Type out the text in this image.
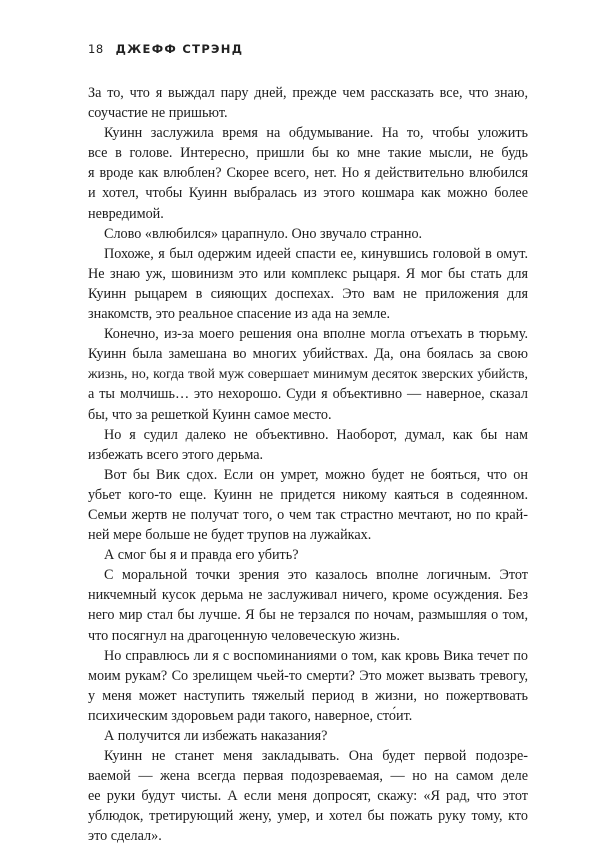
18 ДЖЕФФ СТРЭНД
За то, что я выждал пару дней, прежде чем рассказать все, что знаю,
соучастие не пришьют.
Куинн заслужила время на обдумывание. На то, чтобы уложить
все в голове. Интересно, пришли бы ко мне такие мысли, не будь
я вроде как влюблен? Скорее всего, нет. Но я действительно влюбился
и хотел, чтобы Куинн выбралась из этого кошмара как можно более
невредимой.
Слово «влюбился» царапнуло. Оно звучало странно.
Похоже, я был одержим идеей спасти ее, кинувшись головой в омут.
Не знаю уж, шовинизм это или комплекс рыцаря. Я мог бы стать для
Куинн рыцарем в сияющих доспехах. Это вам не приложения для
знакомств, это реальное спасение из ада на земле.
Конечно, из-за моего решения она вполне могла отъехать в тюрьму.
Куинн была замешана во многих убийствах. Да, она боялась за свою
жизнь, но, когда твой муж совершает минимум десяток зверских убийств,
а ты молчишь… это нехорошо. Суди я объективно — наверное, сказал
бы, что за решеткой Куинн самое место.
Но я судил далеко не объективно. Наоборот, думал, как бы нам
избежать всего этого дерьма.
Вот бы Вик сдох. Если он умрет, можно будет не бояться, что он
убьет кого-то еще. Куинн не придется никому каяться в содеянном.
Семьи жертв не получат того, о чем так страстно мечтают, но по край-
ней мере больше не будет трупов на лужайках.
А смог бы я и правда его убить?
С моральной точки зрения это казалось вполне логичным. Этот
никчемный кусок дерьма не заслуживал ничего, кроме осуждения. Без
него мир стал бы лучше. Я бы не терзался по ночам, размышляя о том,
что посягнул на драгоценную человеческую жизнь.
Но справлюсь ли я с воспоминаниями о том, как кровь Вика течет по
моим рукам? Со зрелищем чьей-то смерти? Это может вызвать тревогу,
у меня может наступить тяжелый период в жизни, но пожертвовать
психическим здоровьем ради такого, наверное, сто́ит.
А получится ли избежать наказания?
Куинн не станет меня закладывать. Она будет первой подозре-
ваемой — жена всегда первая подозреваемая, — но на самом деле
ее руки будут чисты. А если меня допросят, скажу: «Я рад, что этот
ублюдок, третирующий жену, умер, и хотел бы пожать руку тому, кто
это сделал».
